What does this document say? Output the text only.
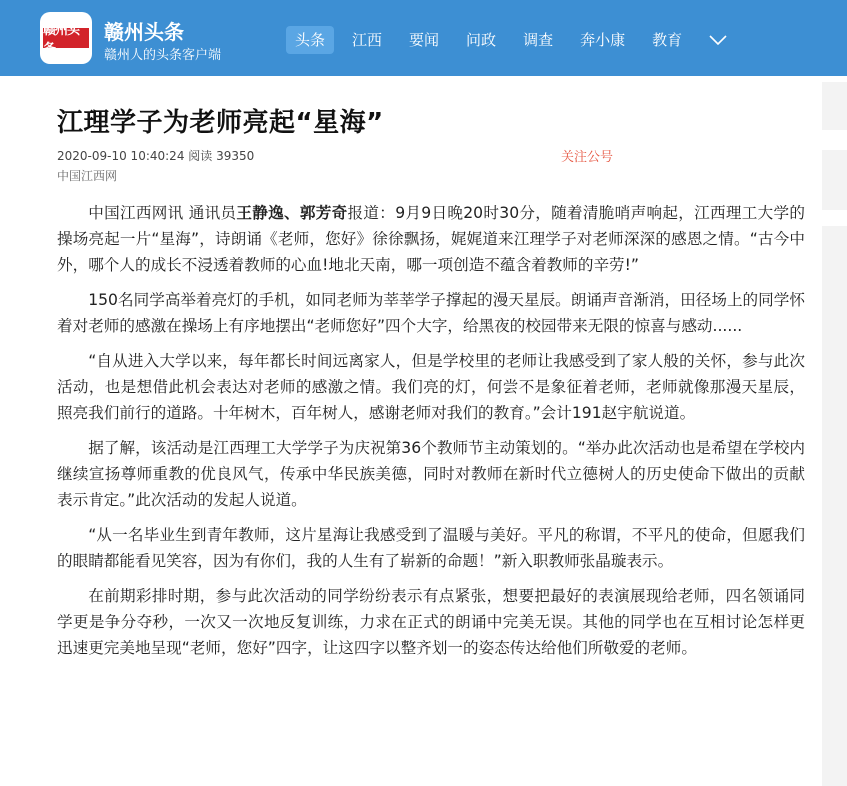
赣州头条
赣州头条
赣州人的头条客户端
头条	江西	要闻	问政	调查	奔小康	教育
江理学子为老师亮起“星海”
2020-09-10 10:40:24 阅读 39350	关注公号
中国江西网

中国江西网讯 通讯员王静逸、郭芳奇报道：9月9日晚20时30分，随着清脆哨声响起，江西理工大学的操场亮起一片“星海”，诗朗诵《老师，您好》徐徐飘扬，娓娓道来江理学子对老师深深的感恩之情。“古今中外，哪个人的成长不浸透着教师的心血!地北天南，哪一项创造不蕴含着教师的辛劳!”

150名同学高举着亮灯的手机，如同老师为莘莘学子撑起的漫天星辰。朗诵声音渐消，田径场上的同学怀着对老师的感激在操场上有序地摆出“老师您好”四个大字，给黑夜的校园带来无限的惊喜与感动......

“自从进入大学以来，每年都长时间远离家人，但是学校里的老师让我感受到了家人般的关怀，参与此次活动，也是想借此机会表达对老师的感激之情。我们亮的灯，何尝不是象征着老师，老师就像那漫天星辰，照亮我们前行的道路。十年树木，百年树人，感谢老师对我们的教育。”会计191赵宇航说道。

据了解，该活动是江西理工大学学子为庆祝第36个教师节主动策划的。“举办此次活动也是希望在学校内继续宣扬尊师重教的优良风气，传承中华民族美德，同时对教师在新时代立德树人的历史使命下做出的贡献表示肯定。”此次活动的发起人说道。

“从一名毕业生到青年教师，这片星海让我感受到了温暖与美好。平凡的称谓，不平凡的使命，但愿我们的眼睛都能看见笑容，因为有你们，我的人生有了崭新的命题！”新入职教师张晶璇表示。

在前期彩排时期，参与此次活动的同学纷纷表示有点紧张，想要把最好的表演展现给老师，四名领诵同学更是争分夺秒，一次又一次地反复训练，力求在正式的朗诵中完美无误。其他的同学也在互相讨论怎样更迅速更完美地呈现“老师，您好”四字，让这四字以整齐划一的姿态传达给他们所敬爱的老师。
